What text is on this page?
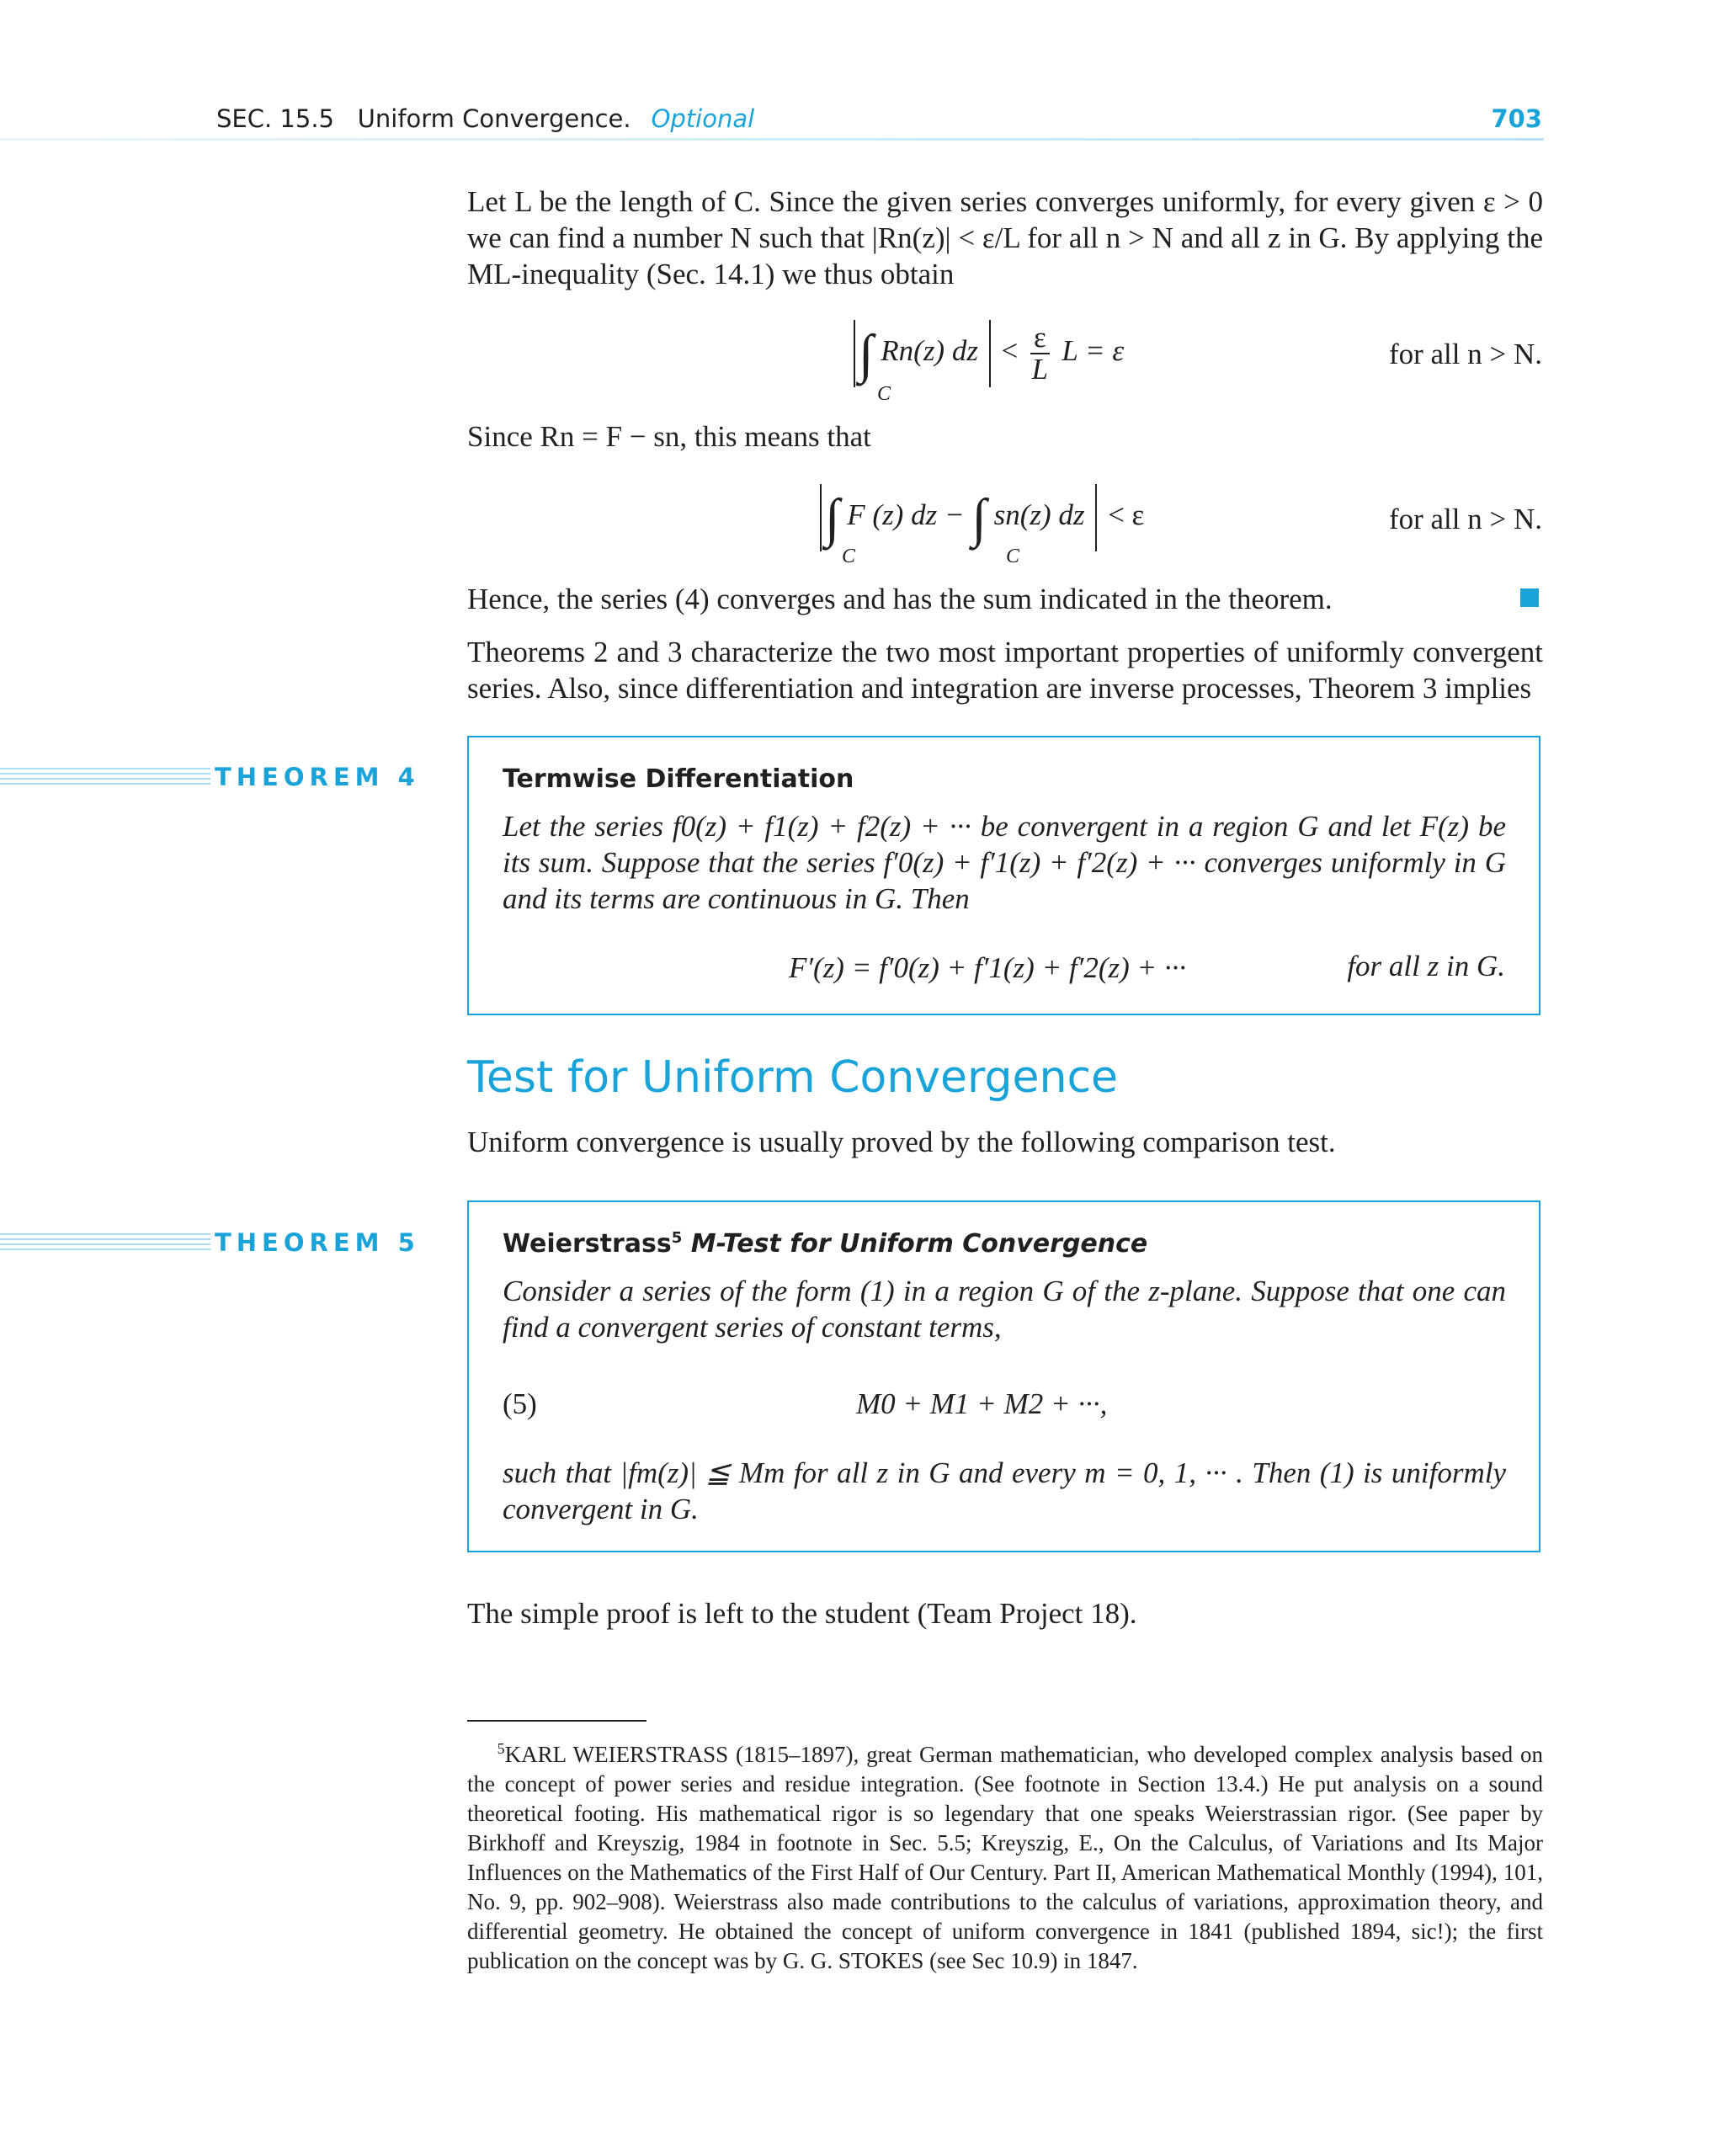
SEC. 15.5 Uniform Convergence. Optional	703

Let L be the length of C. Since the given series converges uniformly, for every given ε > 0 we can find a number N such that |Rn(z)| < ε/L for all n > N and all z in G. By applying the ML-inequality (Sec. 14.1) we thus obtain

∫ Rn(z) dz < $\frac{\varepsilon}{L}$ L = ε
C
for all n > N.

Since Rn = F − sn, this means that

∫ F (z) dz − ∫ sn(z) dz < ε
C	C
for all n > N.

Hence, the series (4) converges and has the sum indicated in the theorem.

Theorems 2 and 3 characterize the two most important properties of uniformly convergent series. Also, since differentiation and integration are inverse processes, Theorem 3 implies

THEOREM 4	Termwise Differentiation

Let the series f0(z) + f1(z) + f2(z) + ··· be convergent in a region G and let F(z) be its sum. Suppose that the series f′0(z) + f′1(z) + f′2(z) + ··· converges uniformly in G and its terms are continuous in G. Then

F′(z) = f′0(z) + f′1(z) + f′2(z) + ···	for all z in G.
Test for Uniform Convergence

Uniform convergence is usually proved by the following comparison test.

THEOREM 5	Weierstrass$^5$ M-Test for Uniform Convergence

Consider a series of the form (1) in a region G of the z-plane. Suppose that one can find a convergent series of constant terms,

(5)	M0 + M1 + M2 + ···,

such that |fm(z)| ≦ Mm for all z in G and every m = 0, 1, ··· . Then (1) is uniformly convergent in G.

The simple proof is left to the student (Team Project 18).

$^5$KARL WEIERSTRASS (1815–1897), great German mathematician, who developed complex analysis based on the concept of power series and residue integration. (See footnote in Section 13.4.) He put analysis on a sound theoretical footing. His mathematical rigor is so legendary that one speaks Weierstrassian rigor. (See paper by Birkhoff and Kreyszig, 1984 in footnote in Sec. 5.5; Kreyszig, E., On the Calculus, of Variations and Its Major Influences on the Mathematics of the First Half of Our Century. Part II, American Mathematical Monthly (1994), 101, No. 9, pp. 902–908). Weierstrass also made contributions to the calculus of variations, approximation theory, and differential geometry. He obtained the concept of uniform convergence in 1841 (published 1894, sic!); the first publication on the concept was by G. G. STOKES (see Sec 10.9) in 1847.
